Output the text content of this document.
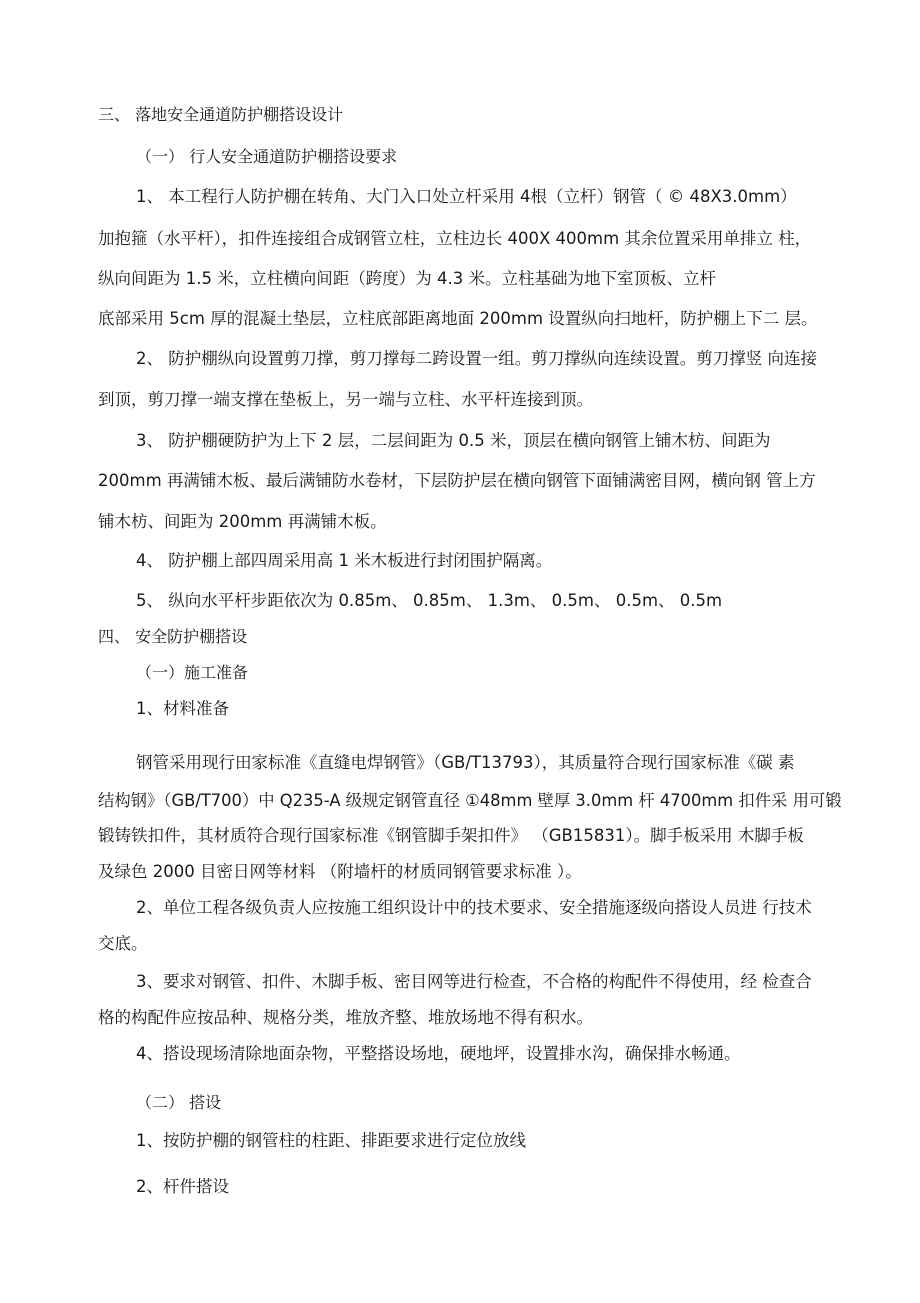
三、 落地安全通道防护棚搭设设计
（一） 行人安全通道防护棚搭设要求
1、 本工程行人防护棚在转角、大门入口处立杆采用 4根（立杆）钢管（ © 48X3.0mm）
加抱箍（水平杆），扣件连接组合成钢管立柱，立柱边长 400X 400mm 其余位置采用单排立 柱，
纵向间距为 1.5 米，立柱横向间距（跨度）为 4.3 米。立柱基础为地下室顶板、立杆
底部采用 5cm 厚的混凝土垫层，立柱底部距离地面 200mm 设置纵向扫地杆，防护棚上下二 层。
2、 防护棚纵向设置剪刀撑，剪刀撑每二跨设置一组。剪刀撑纵向连续设置。剪刀撑竖 向连接
到顶，剪刀撑一端支撑在垫板上，另一端与立柱、水平杆连接到顶。
3、 防护棚硬防护为上下 2 层，二层间距为 0.5 米，顶层在横向钢管上铺木枋、间距为
200mm 再满铺木板、最后满铺防水卷材，下层防护层在横向钢管下面铺满密目网，横向钢 管上方
铺木枋、间距为 200mm 再满铺木板。
4、 防护棚上部四周采用高 1 米木板进行封闭围护隔离。
5、 纵向水平杆步距依次为 0.85m、 0.85m、 1.3m、 0.5m、 0.5m、 0.5m
四、 安全防护棚搭设
（一）施工准备
1、材料准备
钢管采用现行田家标准《直缝电焊钢管》（GB/T13793），其质量符合现行国家标准《碳 素
结构钢》（GB/T700）中 Q235-A 级规定钢管直径 ①48mm 壁厚 3.0mm 杆 4700mm 扣件采 用可锻
锻铸铁扣件，其材质符合现行国家标准《钢管脚手架扣件》 （GB15831）。脚手板采用 木脚手板
及绿色 2000 目密日网等材料 （附墙杆的材质同钢管要求标准 ）。
2、单位工程各级负责人应按施工组织设计中的技术要求、安全措施逐级向搭设人员进 行技术
交底。
3、要求对钢管、扣件、木脚手板、密目网等进行检查，不合格的构配件不得使用，经 检查合
格的构配件应按品种、规格分类，堆放齐整、堆放场地不得有积水。
4、搭设现场清除地面杂物，平整搭设场地，硬地坪，设置排水沟，确保排水畅通。
（二） 搭设
1、按防护棚的钢管柱的柱距、排距要求进行定位放线
2、杆件搭设
